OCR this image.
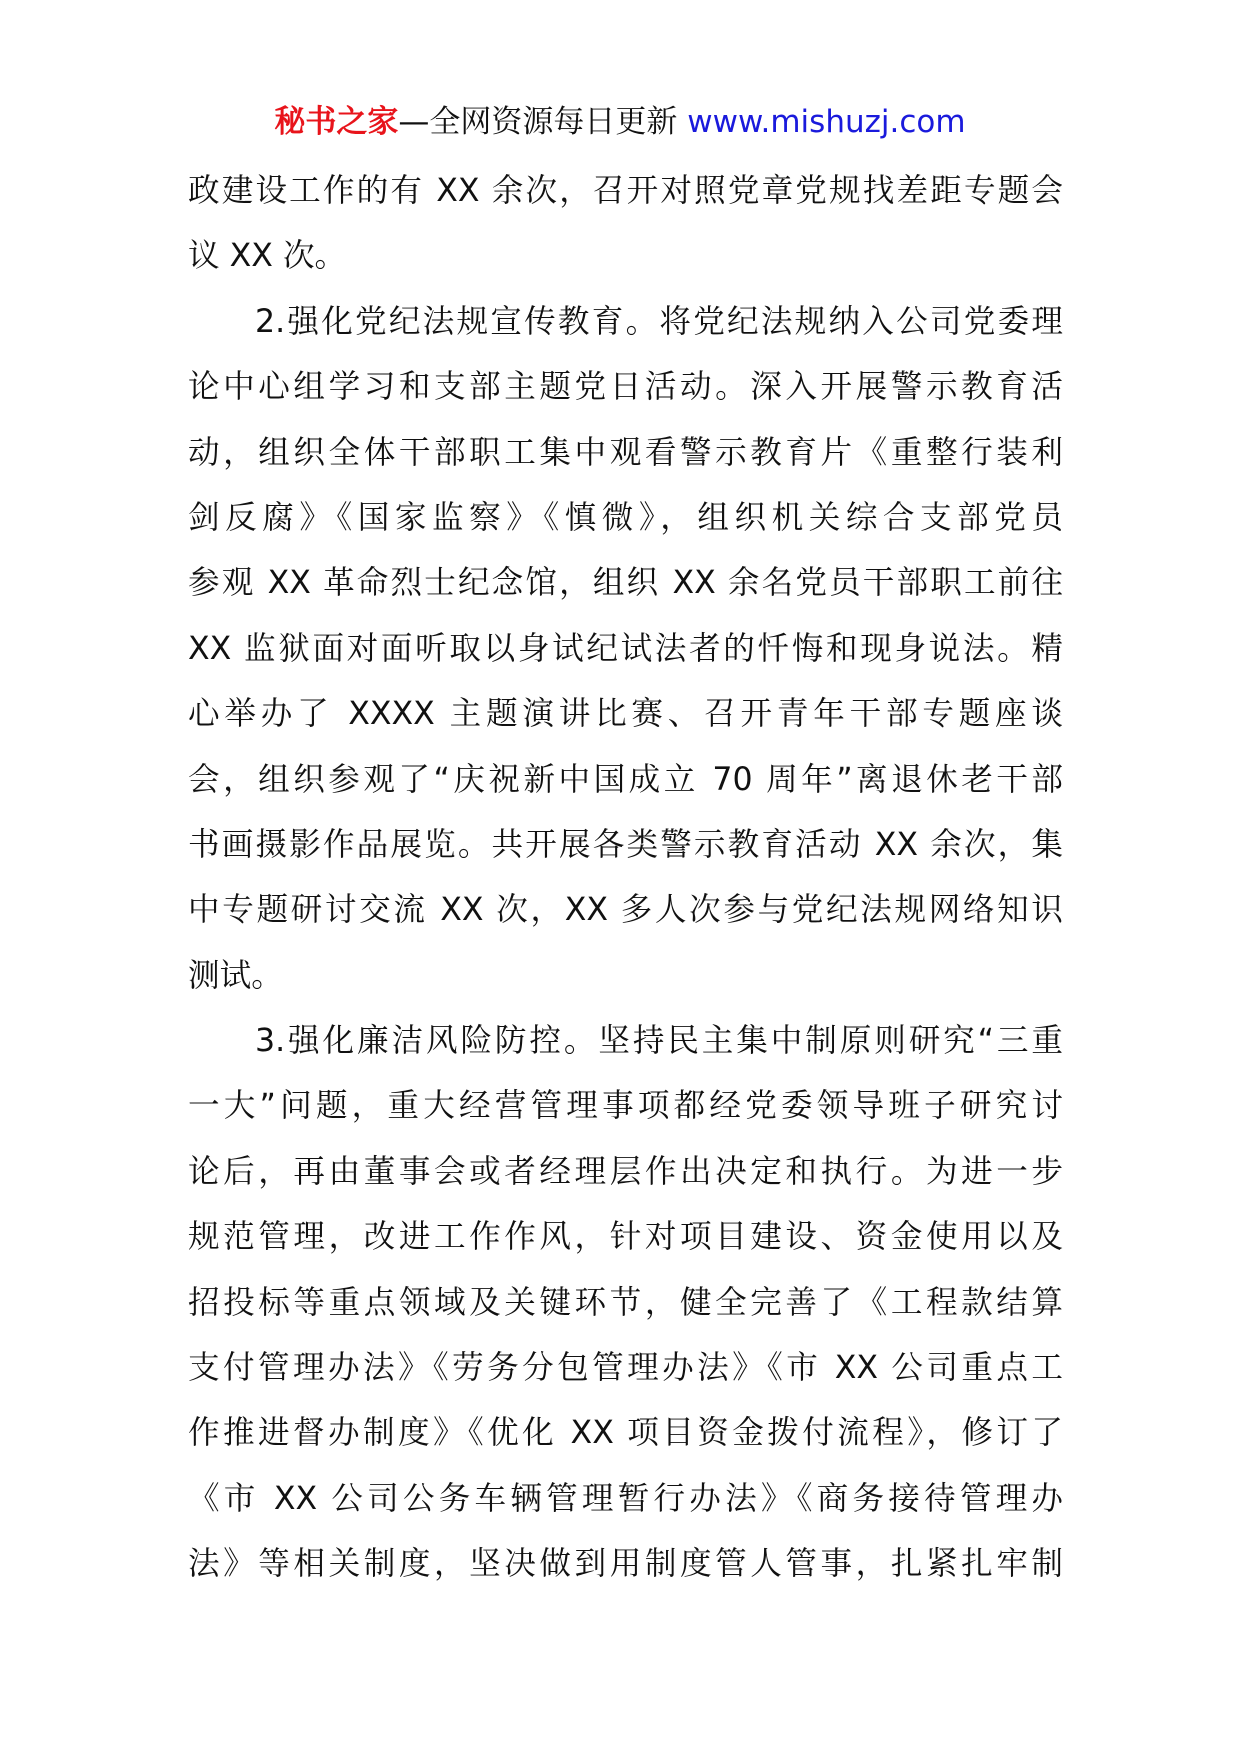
秘书之家—全网资源每日更新 www.mishuzj.com
政建设工作的有 XX 余次，召开对照党章党规找差距专题会
议 XX 次。
2.强化党纪法规宣传教育。将党纪法规纳入公司党委理
论中心组学习和支部主题党日活动。深入开展警示教育活
动，组织全体干部职工集中观看警示教育片《重整行装利
剑反腐》《国家监察》《慎微》，组织机关综合支部党员
参观 XX 革命烈士纪念馆，组织 XX 余名党员干部职工前往
XX 监狱面对面听取以身试纪试法者的忏悔和现身说法。精
心举办了 XXXX 主题演讲比赛、召开青年干部专题座谈
会，组织参观了“庆祝新中国成立 70 周年”离退休老干部
书画摄影作品展览。共开展各类警示教育活动 XX 余次，集
中专题研讨交流 XX 次，XX 多人次参与党纪法规网络知识
测试。
3.强化廉洁风险防控。坚持民主集中制原则研究“三重
一大”问题，重大经营管理事项都经党委领导班子研究讨
论后，再由董事会或者经理层作出决定和执行。为进一步
规范管理，改进工作作风，针对项目建设、资金使用以及
招投标等重点领域及关键环节，健全完善了《工程款结算
支付管理办法》《劳务分包管理办法》《市 XX 公司重点工
作推进督办制度》《优化 XX 项目资金拨付流程》，修订了
《市 XX 公司公务车辆管理暂行办法》《商务接待管理办
法》等相关制度，坚决做到用制度管人管事，扎紧扎牢制
